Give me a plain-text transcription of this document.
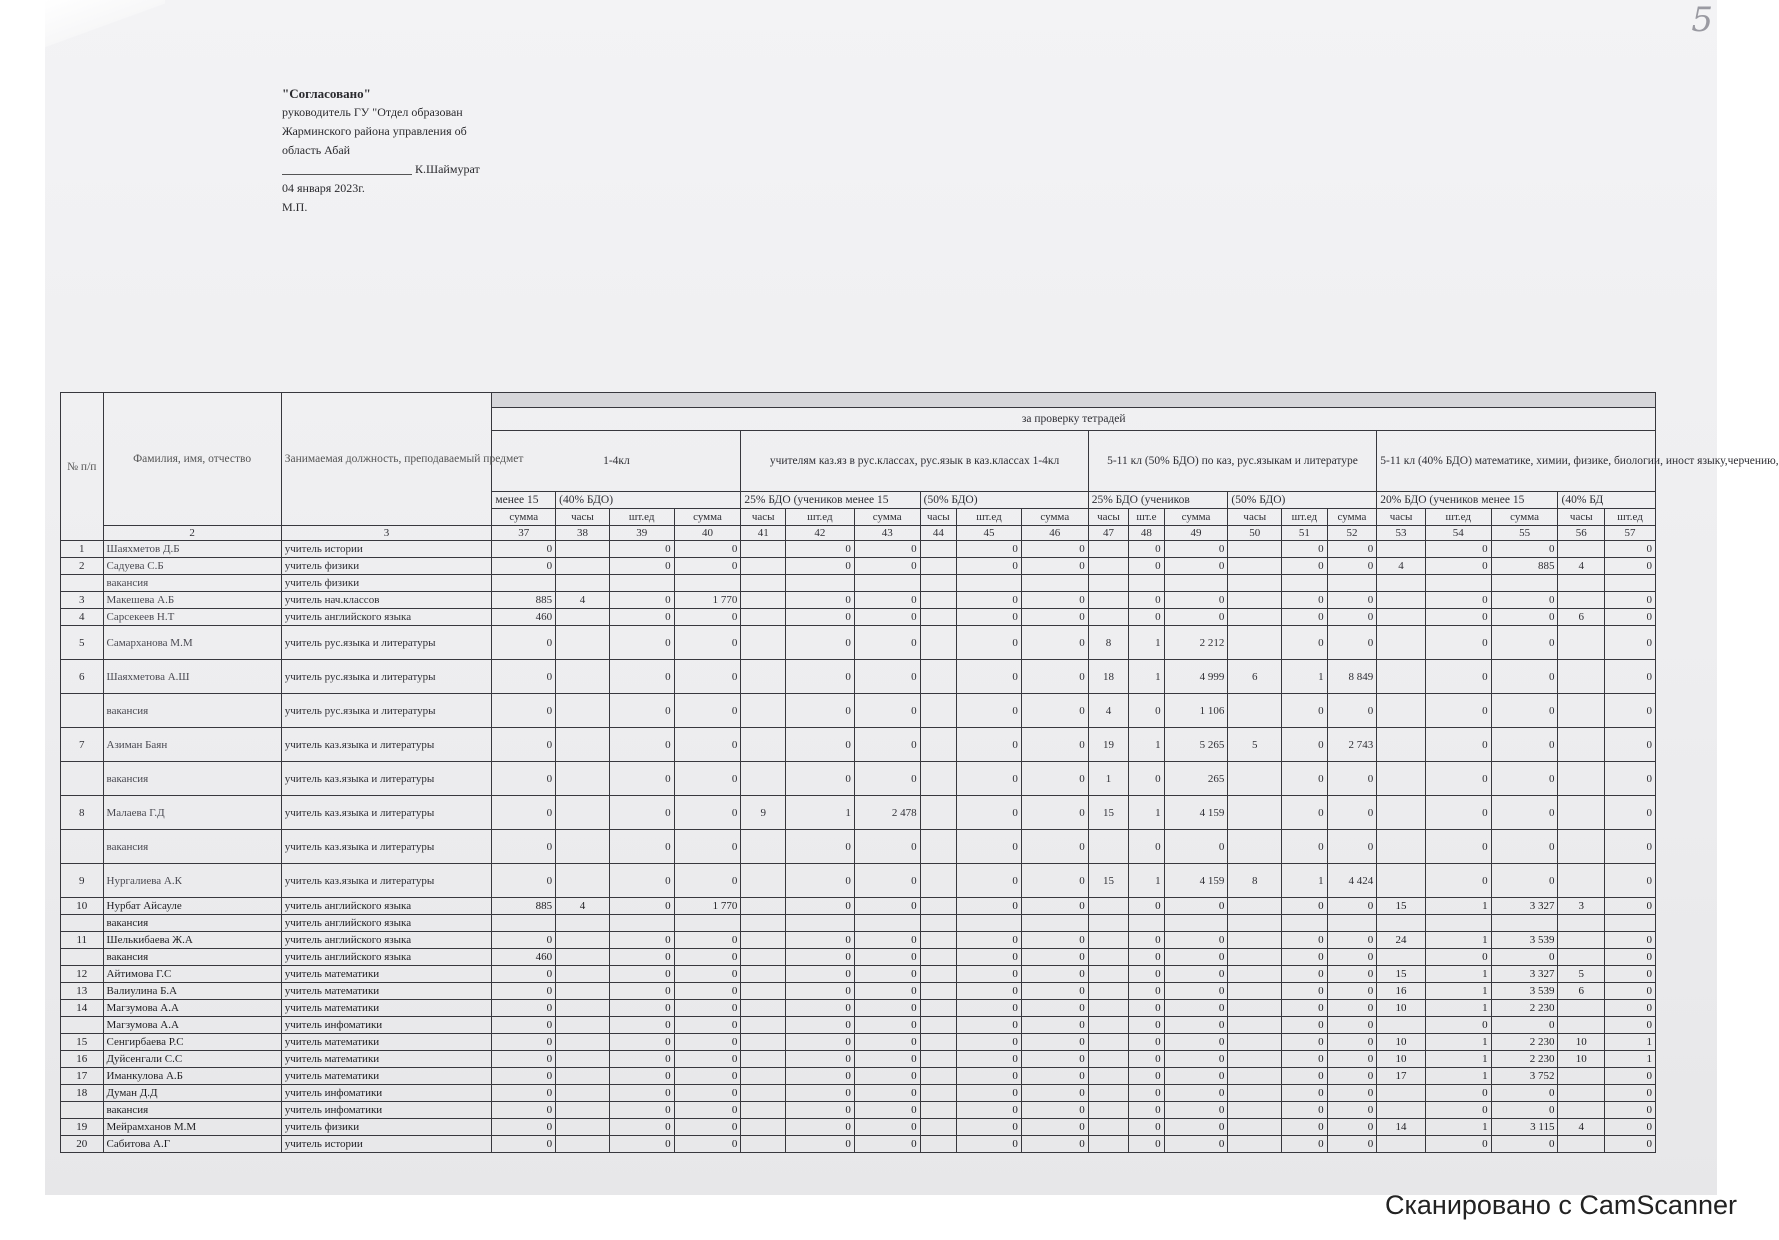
5
"Согласовано"
руководитель ГУ "Отдел образован
Жарминского района управления об
область Абай
К.Шаймурат
04 января 2023г.
М.П.
№ п/п	Фамилия, имя, отчество	Занимаемая должность, преподаваемый предмет																					
			за проверку тетрадей																				
			1-4кл				учителям каз.яз в рус.классах, рус.язык в каз.классах 1-4кл						5-11 кл (50% БДО) по каз, рус.языкам и литературе						5-11 кл (40% БДО) математике, химии, физике, биологии, иност языку,черчению,				
			менее 15	(40% БДО)			25% БДО (учеников менее 15			(50% БДО)			25% БДО (учеников			(50% БДО)			20% БДО (учеников менее 15			(40% БД	
			сумма	часы	шт.ед	сумма	часы	шт.ед	сумма	часы	шт.ед	сумма	часы	шт.е	сумма	часы	шт.ед	сумма	часы	шт.ед	сумма	часы	шт.ед
	2	3	37	38	39	40	41	42	43	44	45	46	47	48	49	50	51	52	53	54	55	56	57
1	Шаяхметов Д.Б	учитель истории	0		0	0		0	0		0	0		0	0		0	0		0	0		0
2	Садуева С.Б	учитель физики	0		0	0		0	0		0	0		0	0		0	0	4	0	885	4	0
	вакансия	учитель физики																					
3	Макешева А.Б	учитель нач.классов	885	4	0	1 770		0	0		0	0		0	0		0	0		0	0		0
4	Сарсекеев Н.Т	учитель английского языка	460		0	0		0	0		0	0		0	0		0	0		0	0	6	0
5	Самарханова М.М	учитель рус.языка и литературы	0		0	0		0	0		0	0	8	1	2 212		0	0		0	0		0
6	Шаяхметова А.Ш	учитель рус.языка и литературы	0		0	0		0	0		0	0	18	1	4 999	6	1	8 849		0	0		0
	вакансия	учитель рус.языка и литературы	0		0	0		0	0		0	0	4	0	1 106		0	0		0	0		0
7	Азиман Баян	учитель каз.языка и литературы	0		0	0		0	0		0	0	19	1	5 265	5	0	2 743		0	0		0
	вакансия	учитель каз.языка и литературы	0		0	0		0	0		0	0	1	0	265		0	0		0	0		0
8	Малаева Г.Д	учитель каз.языка и литературы	0		0	0	9	1	2 478		0	0	15	1	4 159		0	0		0	0		0
	вакансия	учитель каз.языка и литературы	0		0	0		0	0		0	0		0	0		0	0		0	0		0
9	Нургалиева А.К	учитель каз.языка и литературы	0		0	0		0	0		0	0	15	1	4 159	8	1	4 424		0	0		0
10	Нурбат Айсауле	учитель английского языка	885	4	0	1 770		0	0		0	0		0	0		0	0	15	1	3 327	3	0
	вакансия	учитель английского языка																					
11	Шелькибаева Ж.А	учитель английского языка	0		0	0		0	0		0	0		0	0		0	0	24	1	3 539		0
	вакансия	учитель английского языка	460		0	0		0	0		0	0		0	0		0	0		0	0		0
12	Айтимова Г.С	учитель математики	0		0	0		0	0		0	0		0	0		0	0	15	1	3 327	5	0
13	Валиулина Б.А	учитель математики	0		0	0		0	0		0	0		0	0		0	0	16	1	3 539	6	0
14	Магзумова А.А	учитель математики	0		0	0		0	0		0	0		0	0		0	0	10	1	2 230		0
	Магзумова А.А	учитель инфоматики	0		0	0		0	0		0	0		0	0		0	0		0	0		0
15	Сенгирбаева Р.С	учитель математики	0		0	0		0	0		0	0		0	0		0	0	10	1	2 230	10	1
16	Дуйсенгали С.С	учитель математики	0		0	0		0	0		0	0		0	0		0	0	10	1	2 230	10	1
17	Иманкулова А.Б	учитель математики	0		0	0		0	0		0	0		0	0		0	0	17	1	3 752		0
18	Думан Д.Д	учитель инфоматики	0		0	0		0	0		0	0		0	0		0	0		0	0		0
	вакансия	учитель инфоматики	0		0	0		0	0		0	0		0	0		0	0		0	0		0
19	Мейрамханов М.М	учитель физики	0		0	0		0	0		0	0		0	0		0	0	14	1	3 115	4	0
20	Сабитова А.Г	учитель истории	0		0	0		0	0		0	0		0	0		0	0		0	0		0
Сканировано с CamScanner
